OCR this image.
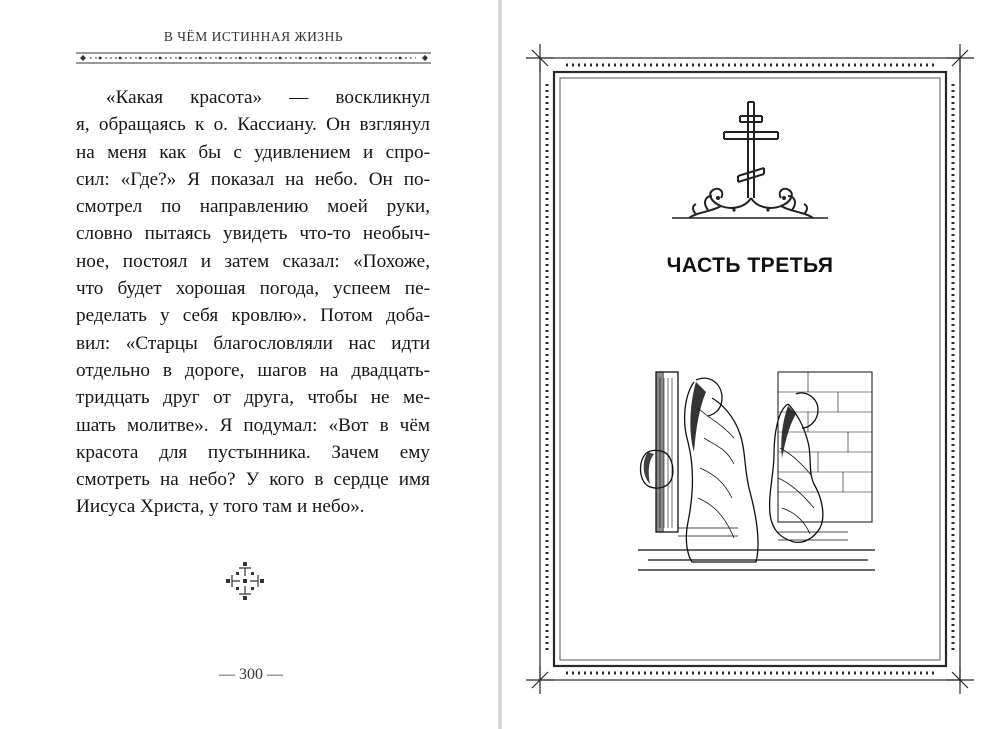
В ЧЁМ ИСТИННАЯ ЖИЗНЬ

«Какая красота» — воскликнул
я, обращаясь к о. Кассиану. Он взглянул
на меня как бы с удивлением и спро-
сил: «Где?» Я показал на небо. Он по-
смотрел по направлению моей руки,
словно пытаясь увидеть что-то необыч-
ное, постоял и затем сказал: «Похоже,
что будет хорошая погода, успеем пе-
ределать у себя кровлю». Потом доба-
вил: «Старцы благословляли нас идти
отдельно в дороге, шагов на двадцать-
тридцать друг от друга, чтобы не ме-
шать молитве». Я подумал: «Вот в чём
красота для пустынника. Зачем ему
смотреть на небо? У кого в сердце имя
Иисуса Христа, у того там и небо».

— 300 —
ЧАСТЬ ТРЕТЬЯ
